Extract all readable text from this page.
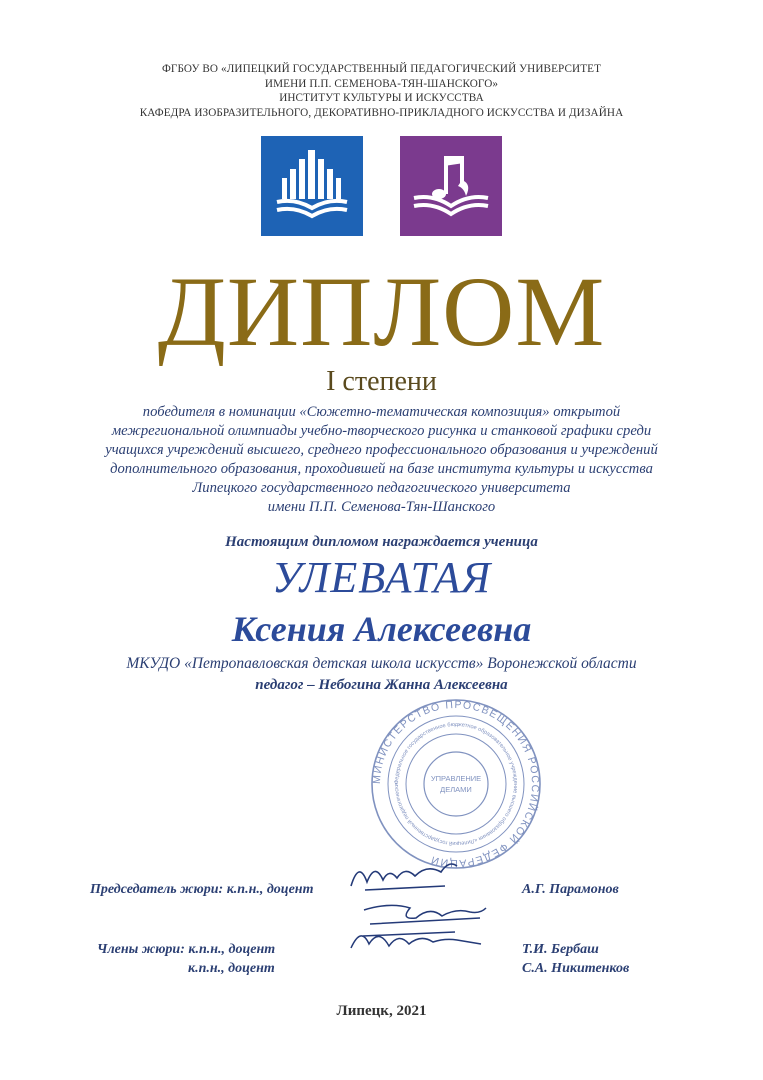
ФГБОУ ВО «ЛИПЕЦКИЙ ГОСУДАРСТВЕННЫЙ ПЕДАГОГИЧЕСКИЙ УНИВЕРСИТЕТ
ИМЕНИ П.П. СЕМЕНОВА-ТЯН-ШАНСКОГО»
ИНСТИТУТ КУЛЬТУРЫ И ИСКУССТВА
КАФЕДРА ИЗОБРАЗИТЕЛЬНОГО, ДЕКОРАТИВНО-ПРИКЛАДНОГО ИСКУССТВА И ДИЗАЙНА
ДИПЛОМ
I степени
победителя в номинации «Сюжетно-тематическая композиция» открытой
межрегиональной олимпиады учебно-творческого рисунка и станковой графики среди
учащихся учреждений высшего, среднего профессионального образования и учреждений
дополнительного образования, проходившей на базе института культуры и искусства
Липецкого государственного педагогического университета
имени П.П. Семенова-Тян-Шанского
Настоящим дипломом награждается ученица
УЛЕВАТАЯ
Ксения Алексеевна
МКУДО «Петропавловская детская школа искусств» Воронежской области
педагог – Небогина Жанна Алексеевна
МИНИСТЕРСТВО ПРОСВЕЩЕНИЯ РОССИЙСКОЙ ФЕДЕРАЦИИ
Федеральное государственное бюджетное образовательное учреждение высшего образования «Липецкий государственный педагогически
УПРАВЛЕНИЕ
ДЕЛАМИ
Председатель жюри: к.п.н., доцент	А.Г. Парамонов
Члены жюри: к.п.н., доцент
к.п.н., доцент
Т.И. Бербаш
С.А. Никитенков
Липецк, 2021
